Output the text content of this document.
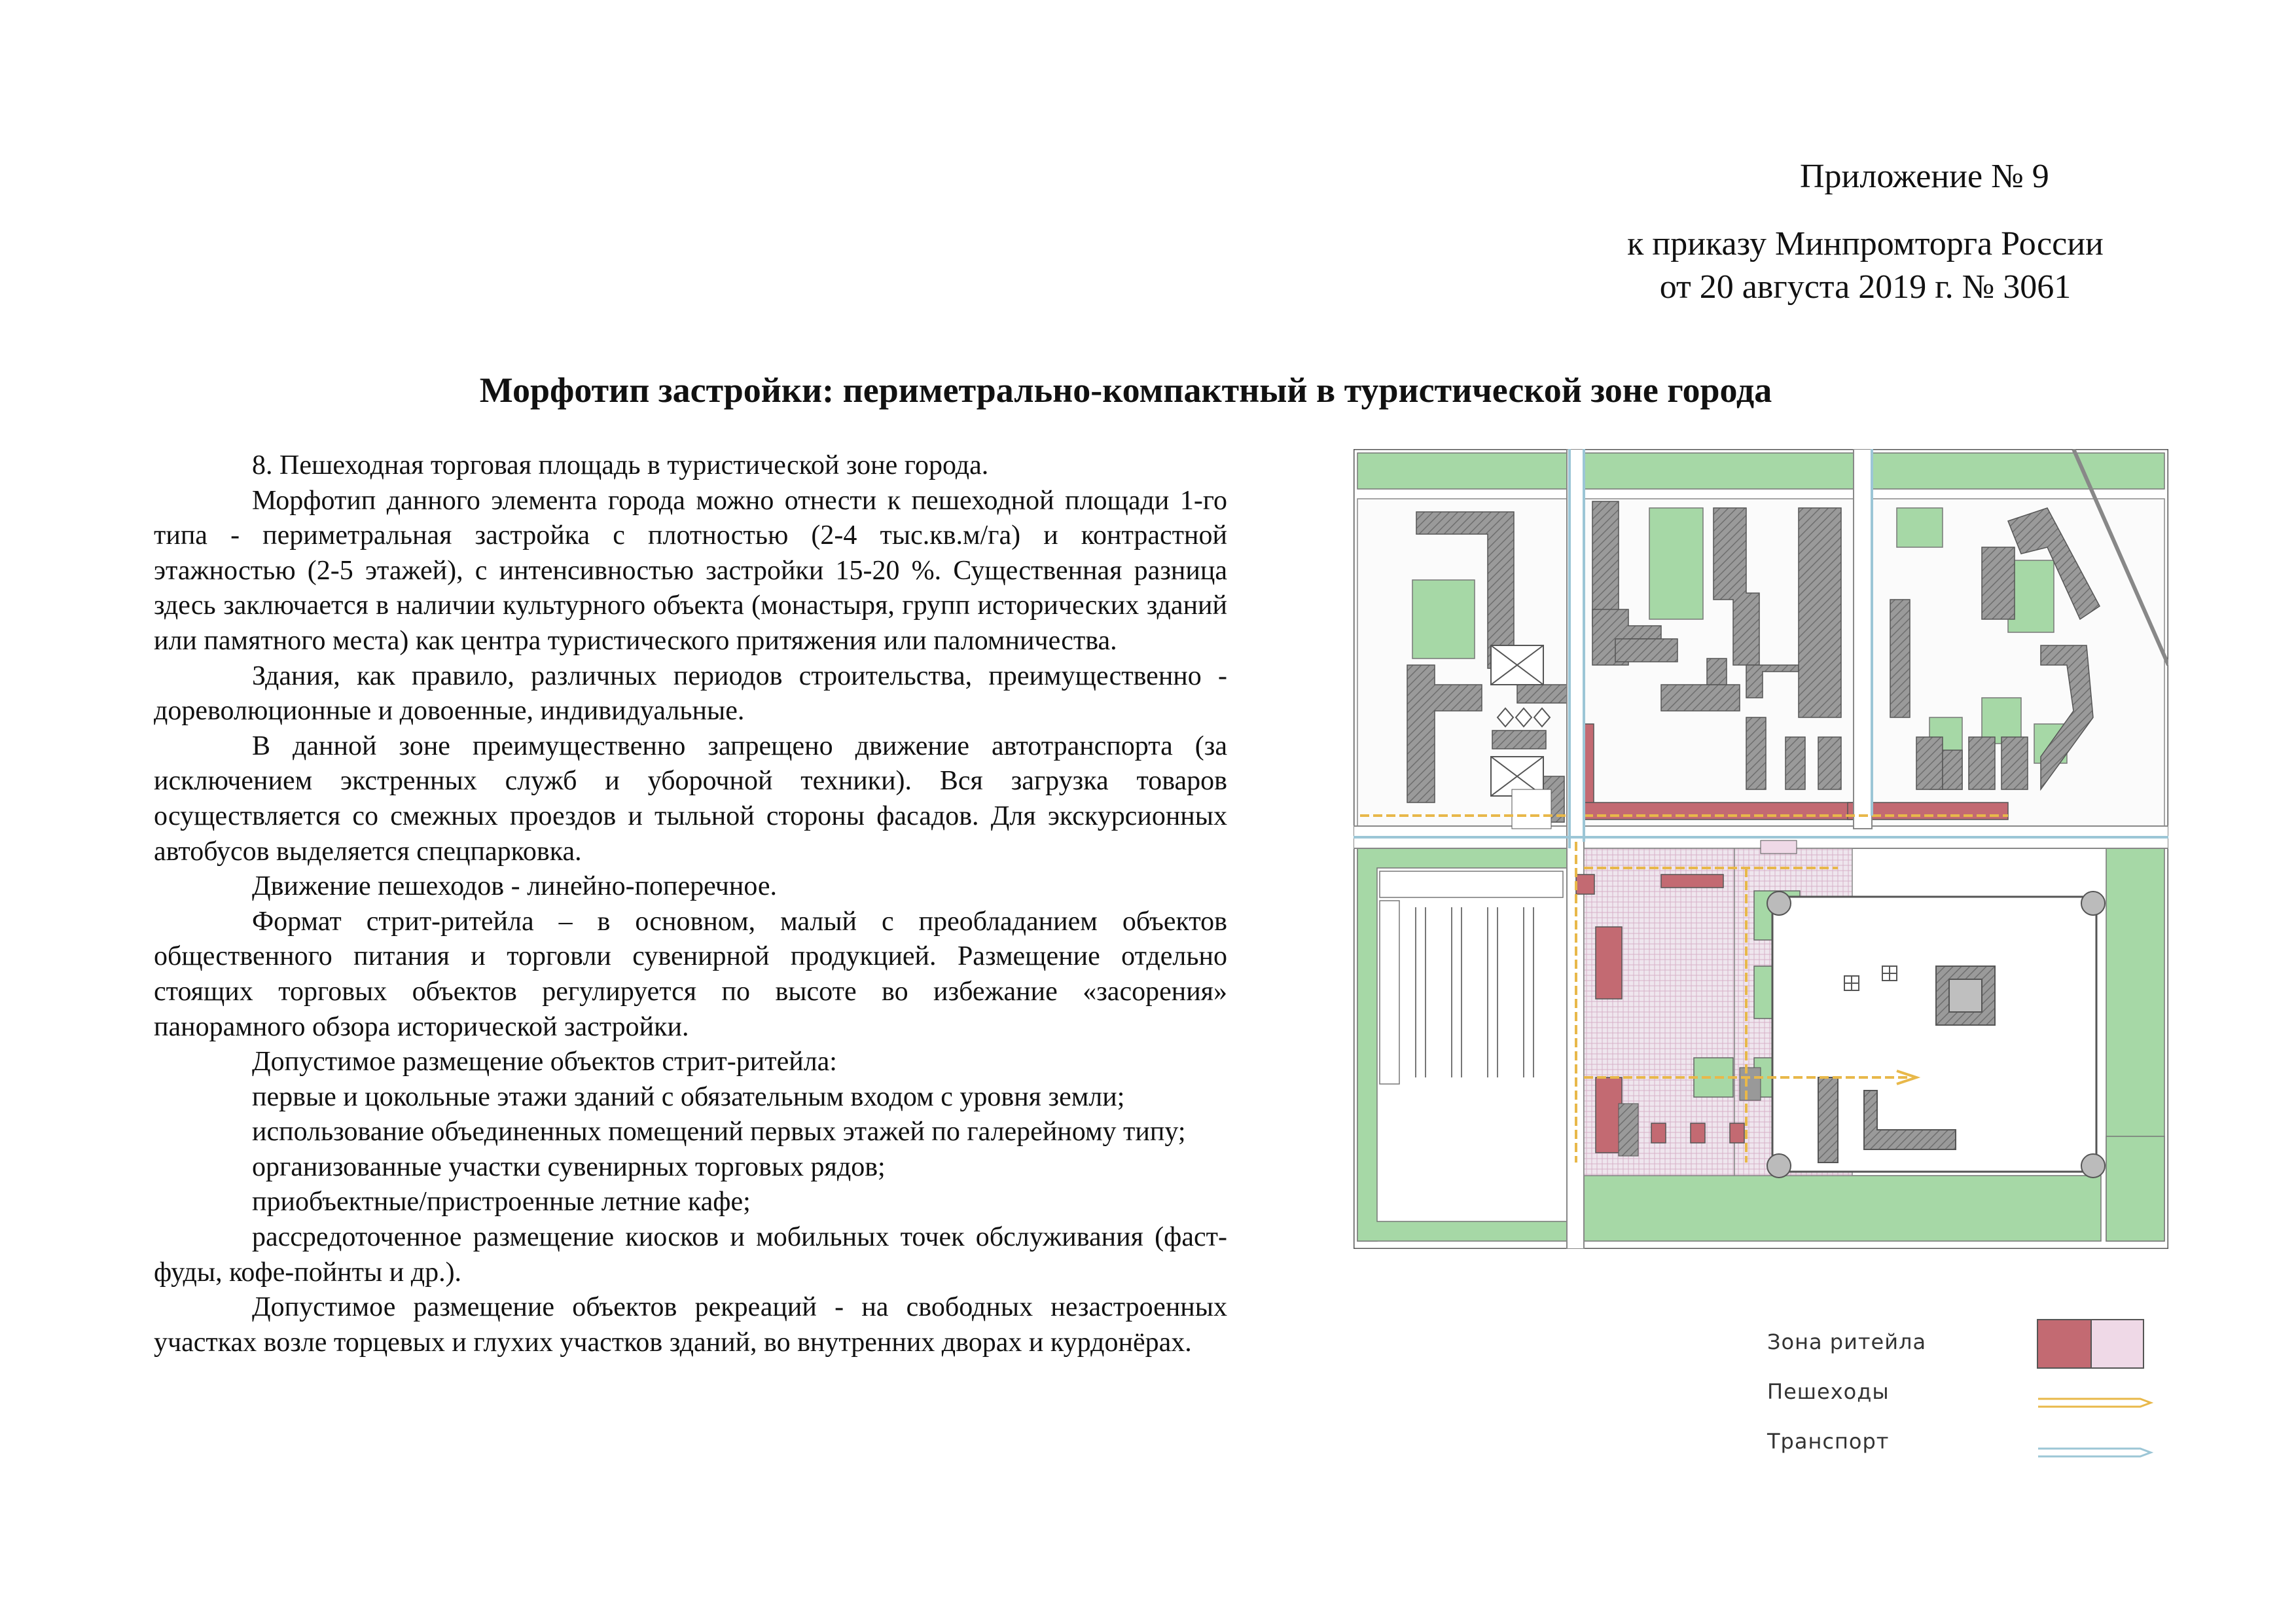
Приложение № 9
к приказу Минпромторга России
от 20 августа 2019 г. № 3061
Морфотип застройки: периметрально-компактный в туристической зоне города

8. Пешеходная торговая площадь в туристической зоне города.

Морфотип данного элемента города можно отнести к пешеходной площади 1-го типа - периметральная застройка с плотностью (2-4 тыс.кв.м/га) и контрастной этажностью (2-5 этажей), с интенсивностью застройки 15-20 %. Существенная разница здесь заключается в наличии культурного объекта (монастыря, групп исторических зданий или памятного места) как центра туристического притяжения или паломничества.

Здания, как правило, различных периодов строительства, преимущественно - дореволюционные и довоенные, индивидуальные.

В данной зоне преимущественно запрещено движение автотранспорта (за исключением экстренных служб и уборочной техники). Вся загрузка товаров осуществляется со смежных проездов и тыльной стороны фасадов. Для экскурсионных автобусов выделяется спецпарковка.

Движение пешеходов - линейно-поперечное.

Формат стрит-ритейла – в основном, малый с преобладанием объектов общественного питания и торговли сувенирной продукцией. Размещение отдельно стоящих торговых объектов регулируется по высоте во избежание «засорения» панорамного обзора исторической застройки.

Допустимое размещение объектов стрит-ритейла:

первые и цокольные этажи зданий с обязательным входом с уровня земли;

использование объединенных помещений первых этажей по галерейному типу;

организованные участки сувенирных торговых рядов;

приобъектные/пристроенные летние кафе;

рассредоточенное размещение киосков и мобильных точек обслуживания (фаст-фуды, кофе-пойнты и др.).

Допустимое размещение объектов рекреаций - на свободных незастроенных участках возле торцевых и глухих участков зданий, во внутренних дворах и курдонёрах.	Зона ритейла
Пешеходы
Транспорт
